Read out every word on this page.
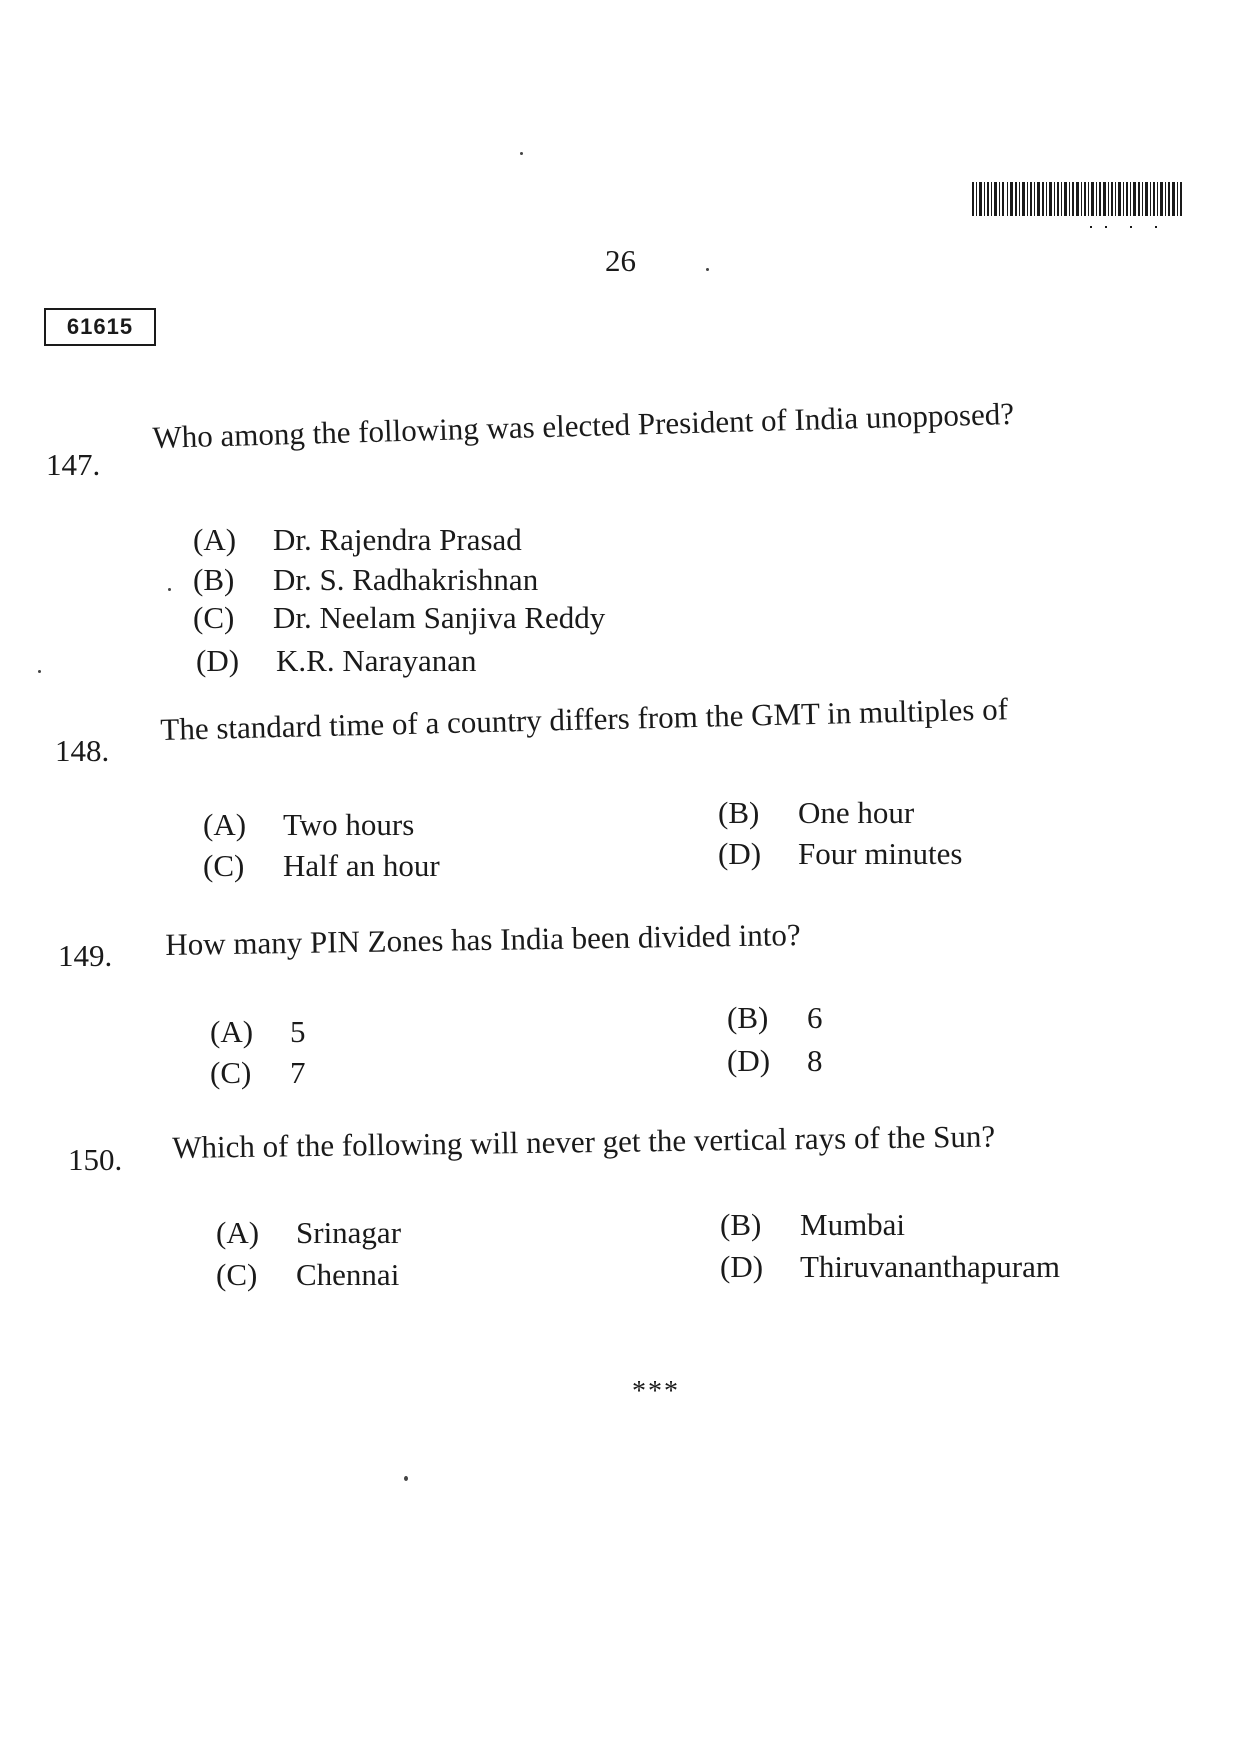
26
61615
147.
Who among the following was elected President of India unopposed?
(A) Dr. Rajendra Prasad
(B) Dr. S. Radhakrishnan
(C) Dr. Neelam Sanjiva Reddy
(D) K.R. Narayanan
148.
The standard time of a country differs from the GMT in multiples of
(A) Two hours	(B) One hour
(C) Half an hour	(D) Four minutes
149. How many PIN Zones has India been divided into?
(A) 5	(B) 6
(C) 7	(D) 8
150. Which of the following will never get the vertical rays of the Sun?
(A) Srinagar	(B) Mumbai
(C) Chennai	(D) Thiruvananthapuram
***
